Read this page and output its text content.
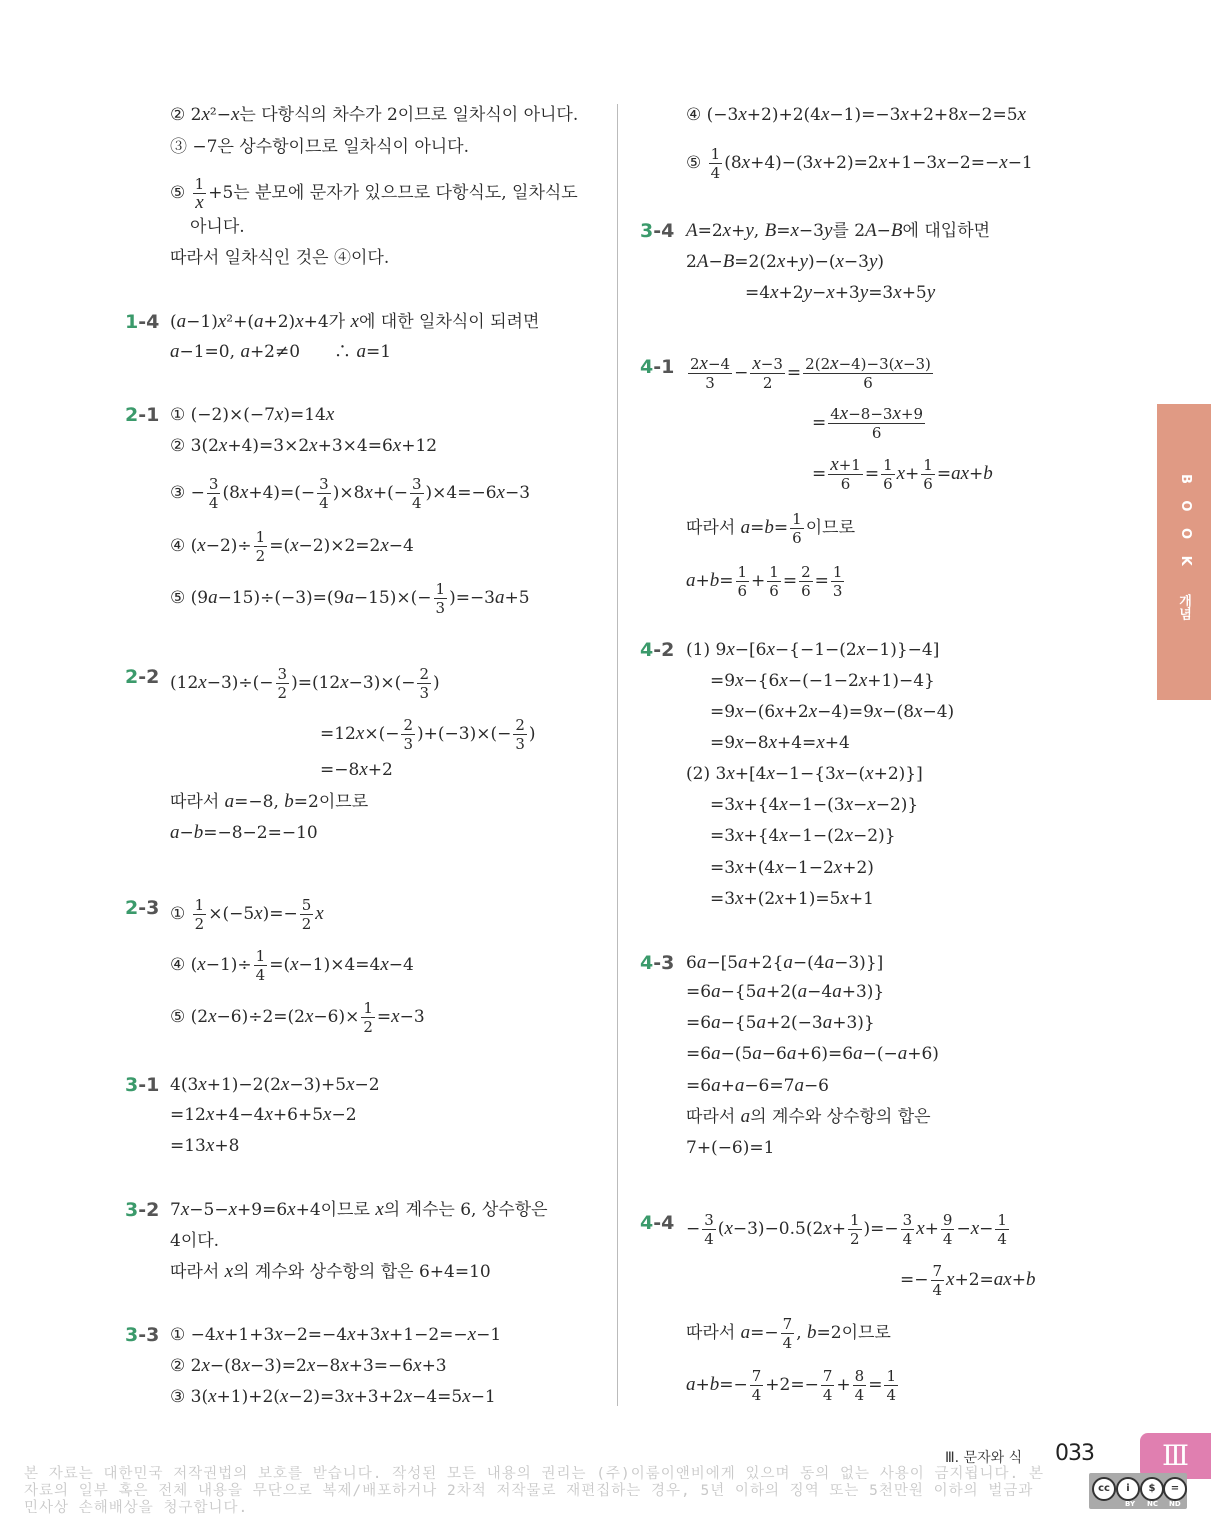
② 2x²−x는 다항식의 차수가 2이므로 일차식이 아니다.
③ −7은 상수항이므로 일차식이 아니다.
⑤ $\frac{1}{x} +5$는 분모에 문자가 있으므로 다항식도, 일차식도
아니다.
따라서 일차식인 것은 ④이다.
1-4 (a−1)x²+(a+2)x+4가 x에 대한 일차식이 되려면
a−1=0, a+2≠0　　∴ a=1
2-1 ① (−2)×(−7x)=14x
② 3(2x+4)=3×2x+3×4=6x+12
③ − $\frac{3}{4} (8x+4)=(- \frac{3}{4} )\times 8x+(- \frac{3}{4} )\times 4=-6x-3$
④ $(x-2)\div \frac{1}{2} =(x-2)\times 2=2x-4$
⑤ $(9a-15)\div(-3)=(9a-15)\times(- \frac{1}{3} )=-3a+5$
2-2 $(12x-3)\div(- \frac{3}{2} )=(12x-3)\times(- \frac{2}{3}$ )
$=12x\times(- \frac{2}{3} )+(-3)\times(- \frac{2}{3}$ )
=−8x+2
따라서 a=−8, b=2이므로
a−b=−8−2=−10
2-3 ① $\frac{1}{2} \times(-5x)=- \frac{5}{2}$ x
④ $(x-1)\div \frac{1}{4} =(x-1)\times 4=4x-4$
⑤ $(2x-6)\div 2=(2x-6)\times \frac{1}{2} =x-3$
3-1 4(3x+1)−2(2x−3)+5x−2
=12x+4−4x+6+5x−2
=13x+8
3-2 7x−5−x+9=6x+4이므로 x의 계수는 6, 상수항은
4이다.
따라서 x의 계수와 상수항의 합은 6+4=10
3-3 ① −4x+1+3x−2=−4x+3x+1−2=−x−1
② 2x−(8x−3)=2x−8x+3=−6x+3
③ 3(x+1)+2(x−2)=3x+3+2x−4=5x−1
④ (−3x+2)+2(4x−1)=−3x+2+8x−2=5x
⑤ $\frac{1}{4} (8x+4)-(3x+2)=2x+1-3x-2=-x-1$
3-4 A=2x+y, B=x−3y를 2A−B에 대입하면
2A−B=2(2x+y)−(x−3y)
=4x+2y−x+3y=3x+5y
$4-1 \frac{2x-4}{3} - \frac{x-3}{2} = \frac{2(2x-4)-3(x-3)}{6}$
= $\frac{4x-8-3x+9}{6}$
= $\frac{x+1}{6} = \frac{1}{6} x+ \frac{1}{6} =ax+b$
따라서 $a=b= \frac{1}{6}$ 이므로
$a+b= \frac{1}{6} + \frac{1}{6} = \frac{2}{6} = \frac{1}{3}$
4-2 (1) 9x−[6x−{−1−(2x−1)}−4]
=9x−{6x−(−1−2x+1)−4}
=9x−(6x+2x−4)=9x−(8x−4)
=9x−8x+4=x+4
(2) 3x+[4x−1−{3x−(x+2)}]
=3x+{4x−1−(3x−x−2)}
=3x+{4x−1−(2x−2)}
=3x+(4x−1−2x+2)
=3x+(2x+1)=5x+1
4-3 6a−[5a+2{a−(4a−3)}]
=6a−{5a+2(a−4a+3)}
=6a−{5a+2(−3a+3)}
=6a−(5a−6a+6)=6a−(−a+6)
=6a+a−6=7a−6
따라서 a의 계수와 상수항의 합은
7+(−6)=1
$4-4 - \frac{3}{4} (x-3)-0.5(2x+ \frac{1}{2}$ )=− $\frac{3}{4} x+ \frac{9}{4} -x- \frac{1}{4}$
=− $\frac{7}{4} x+2=ax+b$
따라서 $a=- \frac{7}{4}$ , b=2이므로
$a+b=- \frac{7}{4} +2=- \frac{7}{4} + \frac{8}{4} = \frac{1}{4}$
B O O K
개념
Ⅲ. 문자와 식 033	Ⅲ
본 자료는 대한민국 저작권법의 보호를 받습니다. 작성된 모든 내용의 권리는 (주)이룸이앤비에게 있으며 동의 없는 사용이 금지됩니다. 본 자료의 일부 혹은 전체 내용을 무단으로 복제/배포하거나 2차적 저작물로 재편집하는 경우, 5년 이하의 징역 또는 5천만원 이하의 벌금과 민사상 손해배상을 청구합니다.
cc	i	$	=
BY NC ND
